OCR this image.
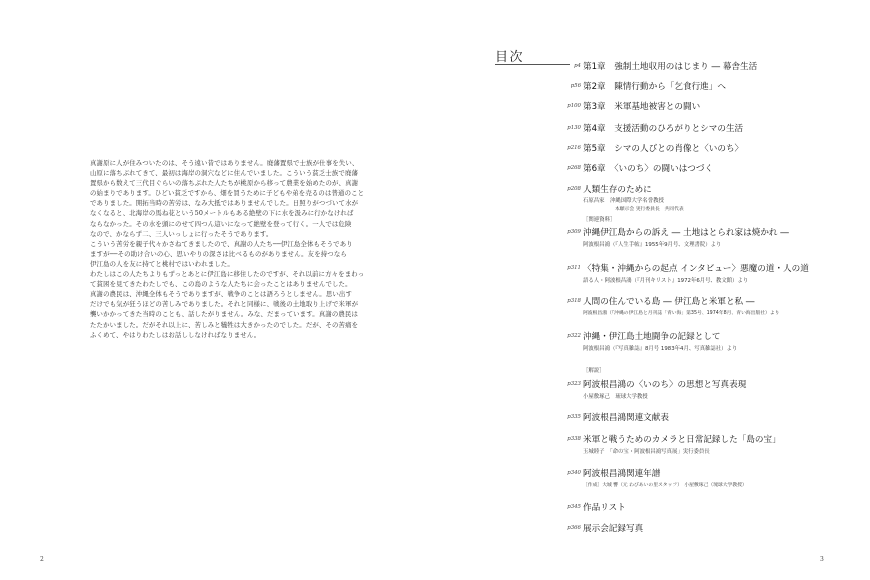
真謝原に人が住みついたのは、そう遠い昔ではありません。廃藩置県で士族が仕事を失い、
山原に落ちぶれてきて、最初は海岸の洞穴などに住んでいました。こういう貧乏士族で廃藩
置県から数えて三代目ぐらいの落ちぶれた人たちが桃原から移って農業を始めたのが、真謝
の始まりであります。ひどい貧乏ですから、畑を買うために子どもや弟を売るのは普通のこと
でありました。開拓当時の苦労は、なみ大抵ではありませんでした。日照りがつづいて水が
なくなると、北海岸の馬ね花という50メートルもある絶壁の下に水を汲みに行かなければ
ならなかった。その水を頭にのせて四つん這いになって絶壁を登って行く。一人では危険
なので、かならず二、三人いっしょに行ったそうであります。
こういう苦労を親子代々かさねてきましたので、真謝の人たち──伊江島全体もそうであり
ますが──その助け合いの心、思いやりの深さは比べるものがありません。友を持つなら
伊江島の人を友に持てと桃村ではいわれました。
わたしはこの人たちよりもずっとあとに伊江島に移住したのですが、それ以前に方々をまわっ
て貧困を見てきたわたしでも、この島のような人たちに会ったことはありませんでした。
真謝の農民は、沖縄全体もそうでありますが、戦争のことは語ろうとしません。思い出す
だけでも気が狂うほどの苦しみでありました。それと同様に、戦後の土地取り上げで米軍が
襲いかかってきた当時のことも、話したがりません。みな、だまっています。真謝の農民は
たたかいました。だがそれ以上に、苦しみと犠牲は大きかったのでした。だが、その苦痛を
ふくめて、やはりわたしはお話ししなければなりません。
2
目次
p4 第1章　強制土地収用のはじまり ― 幕舎生活
p56 第2章　陳情行動から「乞食行進」へ
p100 第3章　米軍基地被害との闘い
p130 第4章　支援活動のひろがりとシマの生活
p216 第5章　シマの人びとの肖像と〈いのち〉
p268 第6章　〈いのち〉の闘いはつづく
p208 人類生存のために
石原昌家　沖縄国際大学名誉教授
本願示会 実行委員長　共同代表
［関連資料］
p309 沖縄伊江島からの訴え ― 土地はとられ家は焼かれ ―
阿波根昌鴻（『人生手帖』1955年9月号、文理書院）より
p311 〈特集・沖縄からの起点 インタビュー〉悪魔の道・人の道
語る人・阿波根昌鴻（『月刊キリスト』1972年6月号、教文館）より
p318 人間の住んでいる島 ― 伊江島と米軍と私 ―
阿波根昌鴻（『沖縄の伊江島と月刊誌「青い海」第35号、1974年8月、青い海出版社）より
p322 沖縄・伊江島土地闘争の記録として
阿波根昌鴻（『写真雑誌』8月号 1983年4月、写真雑誌社）より
［解説］
p323 阿波根昌鴻の〈いのち〉の思想と写真表現
小屋敷琢己　琉球大学教授
p335 阿波根昌鴻関連文献表
p338 米軍と戦うためのカメラと日常記録した「島の宝」
玉城睦子　「命の宝・阿波根昌鴻写真展」実行委員長
p340 阿波根昌鴻関連年譜
［作成］大城 響（元 わびあいの里スタッフ）　小屋敷琢己（琉球大学教授）
p345 作品リスト
p366 展示会記録写真
3
